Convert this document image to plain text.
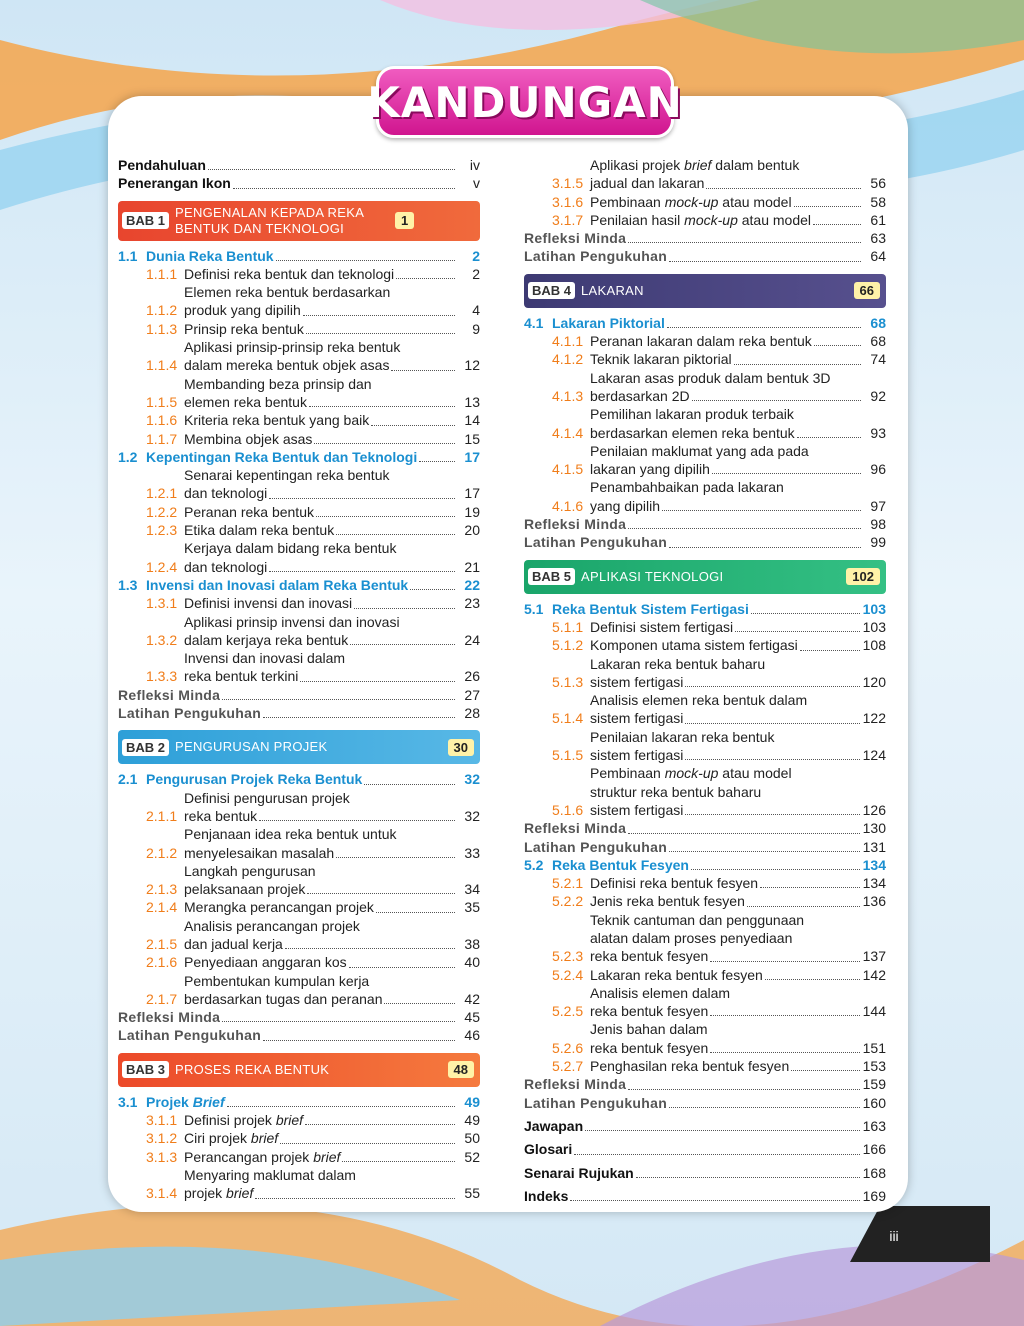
KANDUNGAN
Pendahuluan	iv
Penerangan Ikon	v
BAB 1
PENGENALAN KEPADA REKA BENTUK DAN TEKNOLOGI	1
1.1 Dunia Reka Bentuk	2
1.1.1 Definisi reka bentuk dan teknologi	2
1.1.2
Elemen reka bentuk berdasarkan
produk yang dipilih	4
1.1.3 Prinsip reka bentuk	9
1.1.4
Aplikasi prinsip-prinsip reka bentuk
dalam mereka bentuk objek asas	12
1.1.5
Membanding beza prinsip dan
elemen reka bentuk	13
1.1.6 Kriteria reka bentuk yang baik	14
1.1.7 Membina objek asas	15
1.2 Kepentingan Reka Bentuk dan Teknologi	17
1.2.1
Senarai kepentingan reka bentuk
dan teknologi	17
1.2.2 Peranan reka bentuk	19
1.2.3 Etika dalam reka bentuk	20
1.2.4
Kerjaya dalam bidang reka bentuk
dan teknologi	21
1.3 Invensi dan Inovasi dalam Reka Bentuk	22
1.3.1 Definisi invensi dan inovasi	23
1.3.2
Aplikasi prinsip invensi dan inovasi
dalam kerjaya reka bentuk	24
1.3.3
Invensi dan inovasi dalam
reka bentuk terkini	26
Refleksi Minda	27
Latihan Pengukuhan	28
BAB 2 PENGURUSAN PROJEK	30
2.1 Pengurusan Projek Reka Bentuk	32
2.1.1
Definisi pengurusan projek
reka bentuk	32
2.1.2
Penjanaan idea reka bentuk untuk
menyelesaikan masalah	33
2.1.3
Langkah pengurusan
pelaksanaan projek	34
2.1.4 Merangka perancangan projek	35
2.1.5
Analisis perancangan projek
dan jadual kerja	38
2.1.6 Penyediaan anggaran kos	40
2.1.7
Pembentukan kumpulan kerja
berdasarkan tugas dan peranan	42
Refleksi Minda	45
Latihan Pengukuhan	46
BAB 3 PROSES REKA BENTUK	48
3.1 Projek Brief	49
3.1.1 Definisi projek brief	49
3.1.2 Ciri projek brief	50
3.1.3 Perancangan projek brief	52
3.1.4
Menyaring maklumat dalam
projek brief	55
3.1.5
Aplikasi projek brief dalam bentuk
jadual dan lakaran	56
3.1.6 Pembinaan mock-up atau model	58
3.1.7 Penilaian hasil mock-up atau model	61
Refleksi Minda	63
Latihan Pengukuhan	64
BAB 4 LAKARAN	66
4.1 Lakaran Piktorial	68
4.1.1 Peranan lakaran dalam reka bentuk	68
4.1.2 Teknik lakaran piktorial	74
4.1.3
Lakaran asas produk dalam bentuk 3D
berdasarkan 2D	92
4.1.4
Pemilihan lakaran produk terbaik
berdasarkan elemen reka bentuk	93
4.1.5
Penilaian maklumat yang ada pada
lakaran yang dipilih	96
4.1.6
Penambahbaikan pada lakaran
yang dipilih	97
Refleksi Minda	98
Latihan Pengukuhan	99
BAB 5 APLIKASI TEKNOLOGI	102
5.1 Reka Bentuk Sistem Fertigasi	103
5.1.1 Definisi sistem fertigasi	103
5.1.2 Komponen utama sistem fertigasi	108
5.1.3
Lakaran reka bentuk baharu
sistem fertigasi	120
5.1.4
Analisis elemen reka bentuk dalam
sistem fertigasi	122
5.1.5
Penilaian lakaran reka bentuk
sistem fertigasi	124
5.1.6
Pembinaan mock-up atau model
struktur reka bentuk baharu
sistem fertigasi	126
Refleksi Minda	130
Latihan Pengukuhan	131
5.2 Reka Bentuk Fesyen	134
5.2.1 Definisi reka bentuk fesyen	134
5.2.2 Jenis reka bentuk fesyen	136
5.2.3
Teknik cantuman dan penggunaan
alatan dalam proses penyediaan
reka bentuk fesyen	137
5.2.4 Lakaran reka bentuk fesyen	142
5.2.5
Analisis elemen dalam
reka bentuk fesyen	144
5.2.6
Jenis bahan dalam
reka bentuk fesyen	151
5.2.7 Penghasilan reka bentuk fesyen	153
Refleksi Minda	159
Latihan Pengukuhan	160
Jawapan	163
Glosari	166
Senarai Rujukan	168
Indeks	169
iii
